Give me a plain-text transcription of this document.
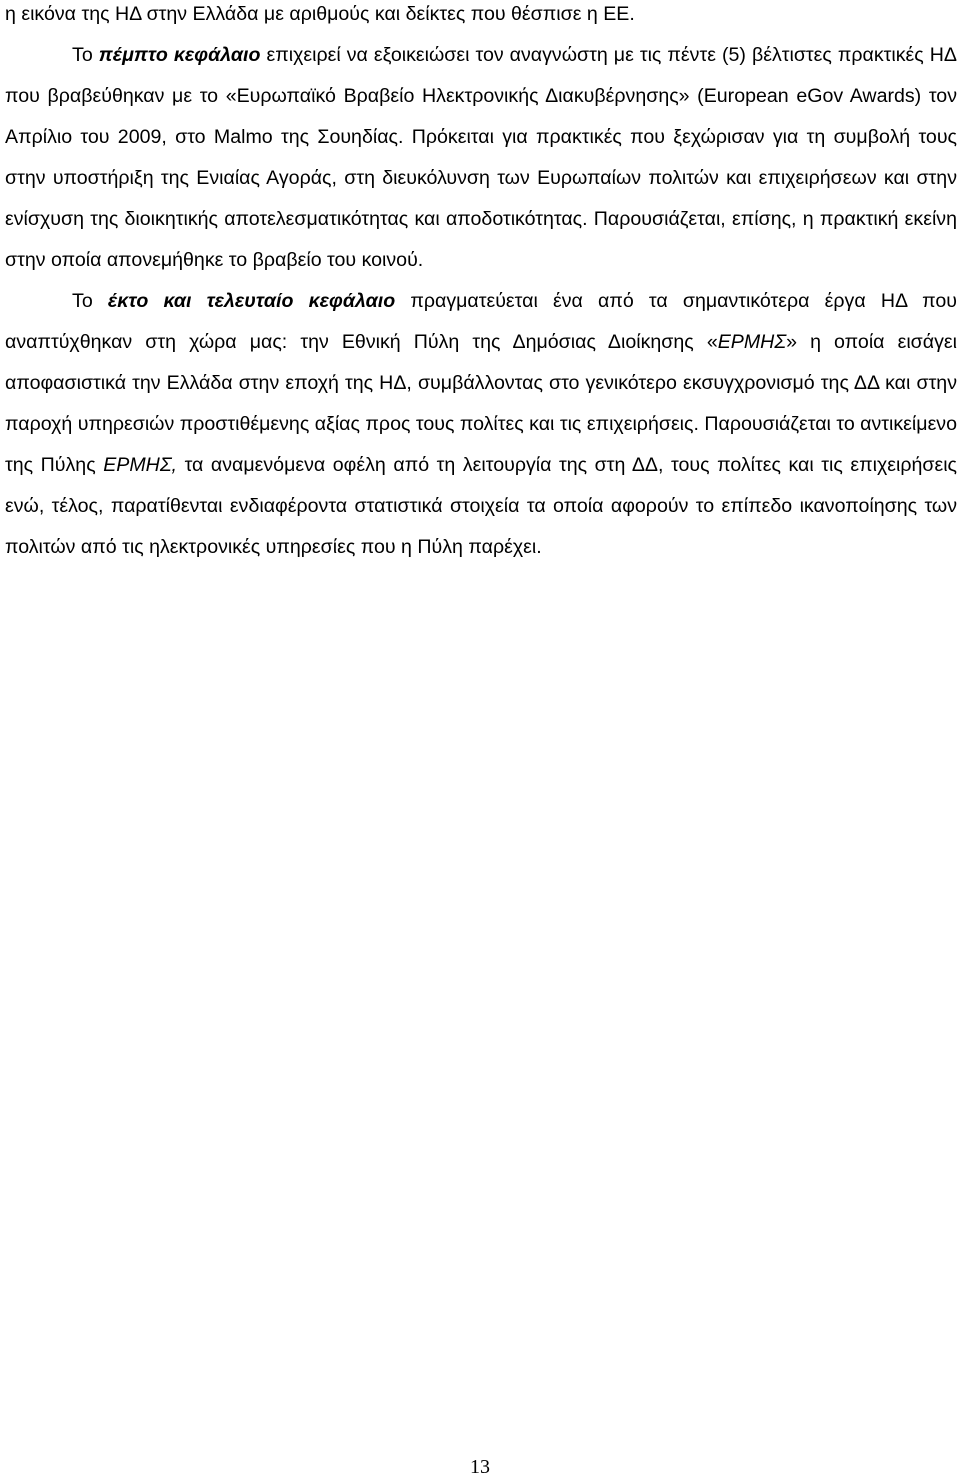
η εικόνα της ΗΔ στην Ελλάδα με αριθμούς και δείκτες που θέσπισε η ΕΕ.

Το πέμπτο κεφάλαιο επιχειρεί να εξοικειώσει τον αναγνώστη με τις πέντε (5) βέλτιστες πρακτικές ΗΔ που βραβεύθηκαν με το «Ευρωπαϊκό Βραβείο Ηλεκτρονικής Διακυβέρνησης» (European eGov Awards) τον Απρίλιο του 2009, στο Malmo της Σουηδίας. Πρόκειται για πρακτικές που ξεχώρισαν για τη συμβολή τους στην υποστήριξη της Ενιαίας Αγοράς, στη διευκόλυνση των Ευρωπαίων πολιτών και επιχειρήσεων και στην ενίσχυση της διοικητικής αποτελεσματικότητας και αποδοτικότητας. Παρουσιάζεται, επίσης, η πρακτική εκείνη στην οποία απονεμήθηκε το βραβείο του κοινού.

Το έκτο και τελευταίο κεφάλαιο πραγματεύεται ένα από τα σημαντικότερα έργα ΗΔ που αναπτύχθηκαν στη χώρα μας: την Εθνική Πύλη της Δημόσιας Διοίκησης «ΕΡΜΗΣ» η οποία εισάγει αποφασιστικά την Ελλάδα στην εποχή της ΗΔ, συμβάλλοντας στο γενικότερο εκσυγχρονισμό της ΔΔ και στην παροχή υπηρεσιών προστιθέμενης αξίας προς τους πολίτες και τις επιχειρήσεις. Παρουσιάζεται το αντικείμενο της Πύλης ΕΡΜΗΣ, τα αναμενόμενα οφέλη από τη λειτουργία της στη ΔΔ, τους πολίτες και τις επιχειρήσεις ενώ, τέλος, παρατίθενται ενδιαφέροντα στατιστικά στοιχεία τα οποία αφορούν το επίπεδο ικανοποίησης των πολιτών από τις ηλεκτρονικές υπηρεσίες που η Πύλη παρέχει.

13
